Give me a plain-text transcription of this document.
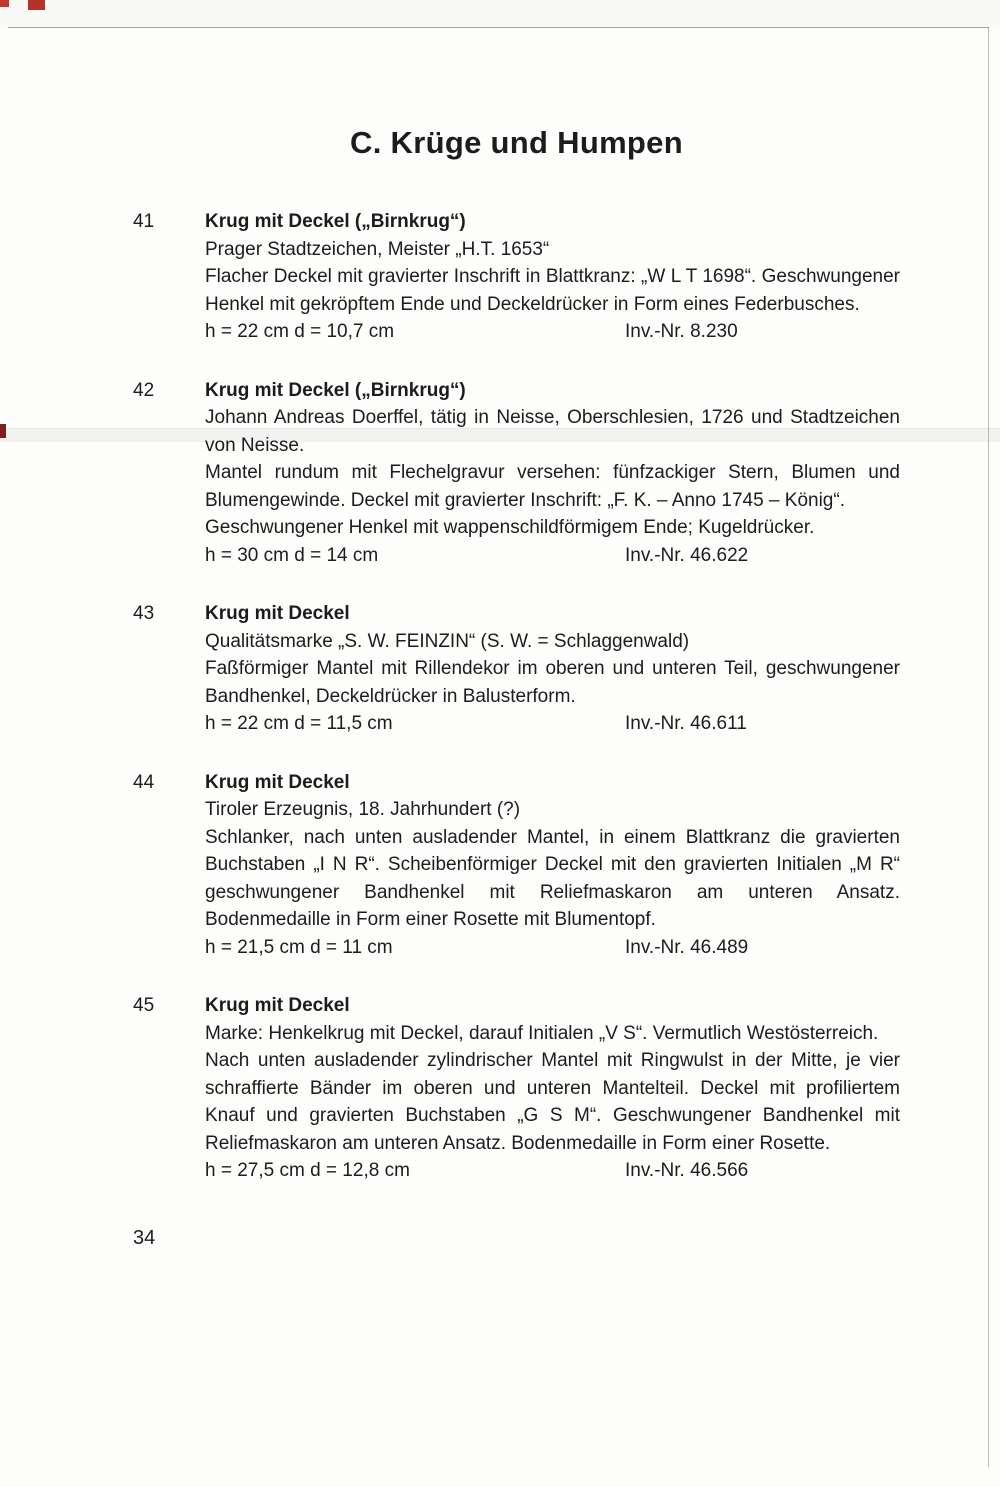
C. Krüge und Humpen
41	Krug mit Deckel („Birnkrug“)

Prager Stadtzeichen, Meister „H.T. 1653“

Flacher Deckel mit gravierter Inschrift in Blattkranz: „W L T 1698“. Geschwungener Henkel mit gekröpftem Ende und Deckeldrücker in Form eines Federbusches.

h = 22 cm d = 10,7 cm	Inv.-Nr. 8.230
42	Krug mit Deckel („Birnkrug“)

Johann Andreas Doerffel, tätig in Neisse, Oberschlesien, 1726 und Stadtzeichen von Neisse.

Mantel rundum mit Flechelgravur versehen: fünfzackiger Stern, Blumen und Blumengewinde. Deckel mit gravierter Inschrift: „F. K. – Anno 1745 – König“.

Geschwungener Henkel mit wappenschildförmigem Ende; Kugeldrücker.

h = 30 cm d = 14 cm	Inv.-Nr. 46.622
43	Krug mit Deckel

Qualitätsmarke „S. W. FEINZIN“ (S. W. = Schlaggenwald)

Faßförmiger Mantel mit Rillendekor im oberen und unteren Teil, geschwungener Bandhenkel, Deckeldrücker in Balusterform.

h = 22 cm d = 11,5 cm	Inv.-Nr. 46.611
44	Krug mit Deckel

Tiroler Erzeugnis, 18. Jahrhundert (?)

Schlanker, nach unten ausladender Mantel, in einem Blattkranz die gravierten Buchstaben „I N R“. Scheibenförmiger Deckel mit den gravierten Initialen „M R“ geschwungener Bandhenkel mit Reliefmaskaron am unteren Ansatz. Bodenmedaille in Form einer Rosette mit Blumentopf.

h = 21,5 cm d = 11 cm	Inv.-Nr. 46.489
45	Krug mit Deckel

Marke: Henkelkrug mit Deckel, darauf Initialen „V S“. Vermutlich Westösterreich.

Nach unten ausladender zylindrischer Mantel mit Ringwulst in der Mitte, je vier schraffierte Bänder im oberen und unteren Mantelteil. Deckel mit profiliertem Knauf und gravierten Buchstaben „G S M“. Geschwungener Bandhenkel mit Reliefmaskaron am unteren Ansatz. Bodenmedaille in Form einer Rosette.

h = 27,5 cm d = 12,8 cm	Inv.-Nr. 46.566
34
